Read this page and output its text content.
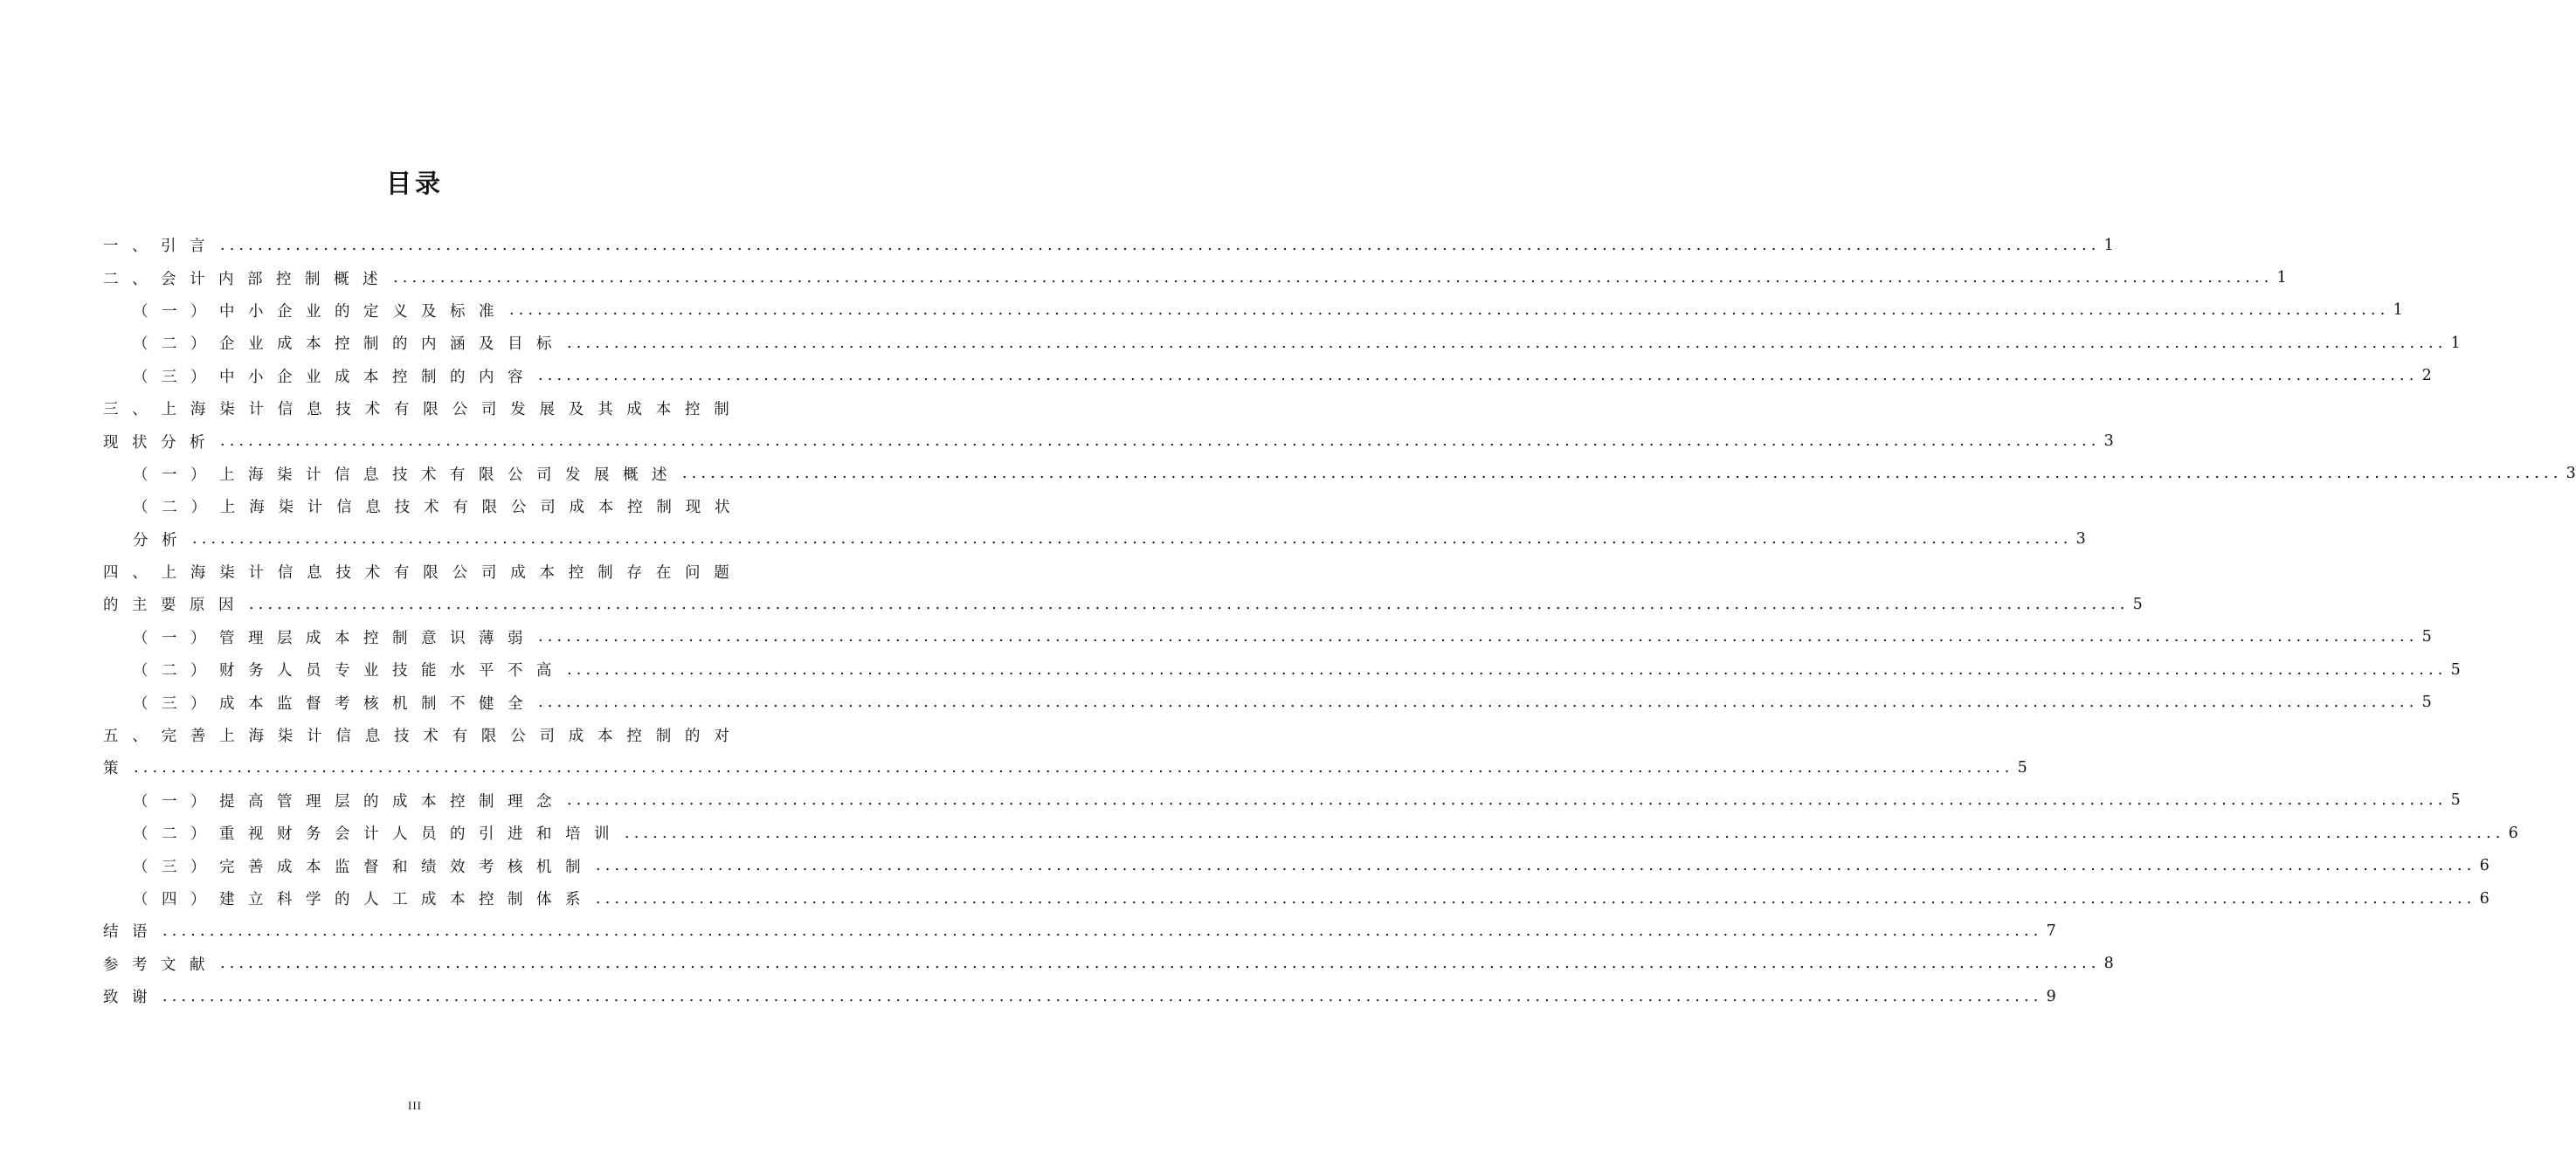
目录
一、引言 ........................................................................................................................................................................................................ 1
二、会计内部控制概述 ........................................................................................................................................................................................................ 1
（一）中小企业的定义及标准 ........................................................................................................................................................................................................ 1
（二）企业成本控制的内涵及目标 ........................................................................................................................................................................................................ 1
（三）中小企业成本控制的内容 ........................................................................................................................................................................................................ 2
三、上海柒计信息技术有限公司发展及其成本控制
现状分析 ........................................................................................................................................................................................................ 3
（一）上海柒计信息技术有限公司发展概述 ........................................................................................................................................................................................................ 3
（二）上海柒计信息技术有限公司成本控制现状
分析 ........................................................................................................................................................................................................ 3
四、上海柒计信息技术有限公司成本控制存在问题
的主要原因 ........................................................................................................................................................................................................ 5
（一）管理层成本控制意识薄弱 ........................................................................................................................................................................................................ 5
（二）财务人员专业技能水平不高 ........................................................................................................................................................................................................ 5
（三）成本监督考核机制不健全 ........................................................................................................................................................................................................ 5
五、完善上海柒计信息技术有限公司成本控制的对
策 ........................................................................................................................................................................................................ 5
（一）提高管理层的成本控制理念 ........................................................................................................................................................................................................ 5
（二）重视财务会计人员的引进和培训 ........................................................................................................................................................................................................ 6
（三）完善成本监督和绩效考核机制 ........................................................................................................................................................................................................ 6
（四）建立科学的人工成本控制体系 ........................................................................................................................................................................................................ 6
结语 ........................................................................................................................................................................................................ 7
参考文献 ........................................................................................................................................................................................................ 8
致谢 ........................................................................................................................................................................................................ 9
III
